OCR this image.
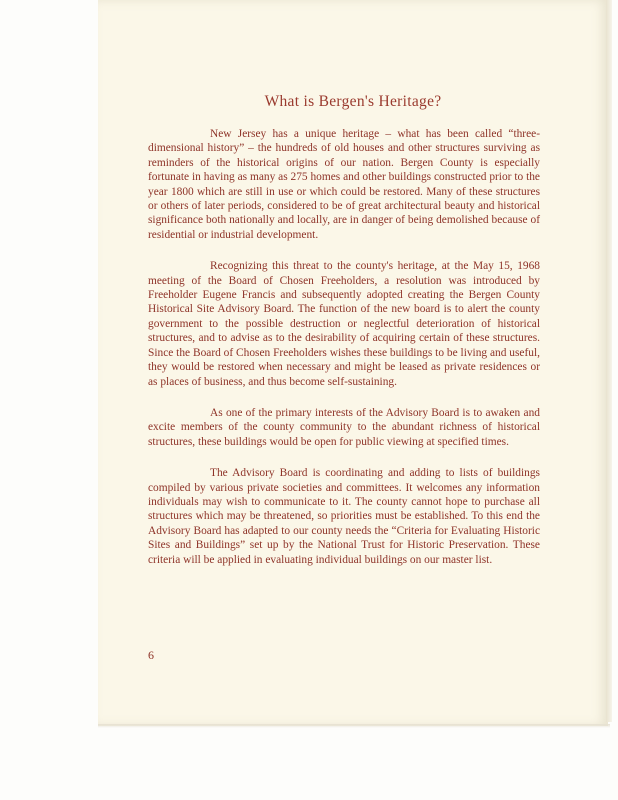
What is Bergen's Heritage?

New Jersey has a unique heritage – what has been called “three-dimensional history” – the hundreds of old houses and other structures surviving as reminders of the historical origins of our nation. Bergen County is especially fortunate in having as many as 275 homes and other buildings constructed prior to the year 1800 which are still in use or which could be restored. Many of these structures or others of later periods, considered to be of great architectural beauty and historical significance both nationally and locally, are in danger of being demolished because of residential or industrial development.

Recognizing this threat to the county's heritage, at the May 15, 1968 meeting of the Board of Chosen Freeholders, a resolution was introduced by Freeholder Eugene Francis and subsequently adopted creating the Bergen County Historical Site Advisory Board. The function of the new board is to alert the county government to the possible destruction or neglectful deterioration of historical structures, and to advise as to the desirability of acquiring certain of these structures. Since the Board of Chosen Freeholders wishes these buildings to be living and useful, they would be restored when necessary and might be leased as private residences or as places of business, and thus become self-sustaining.

As one of the primary interests of the Advisory Board is to awaken and excite members of the county community to the abundant richness of historical structures, these buildings would be open for public viewing at specified times.

The Advisory Board is coordinating and adding to lists of buildings compiled by various private societies and committees. It welcomes any information individuals may wish to communicate to it. The county cannot hope to purchase all structures which may be threatened, so priorities must be established. To this end the Advisory Board has adapted to our county needs the “Criteria for Evaluating Historic Sites and Buildings” set up by the National Trust for Historic Preservation. These criteria will be applied in evaluating individual buildings on our master list.

6
